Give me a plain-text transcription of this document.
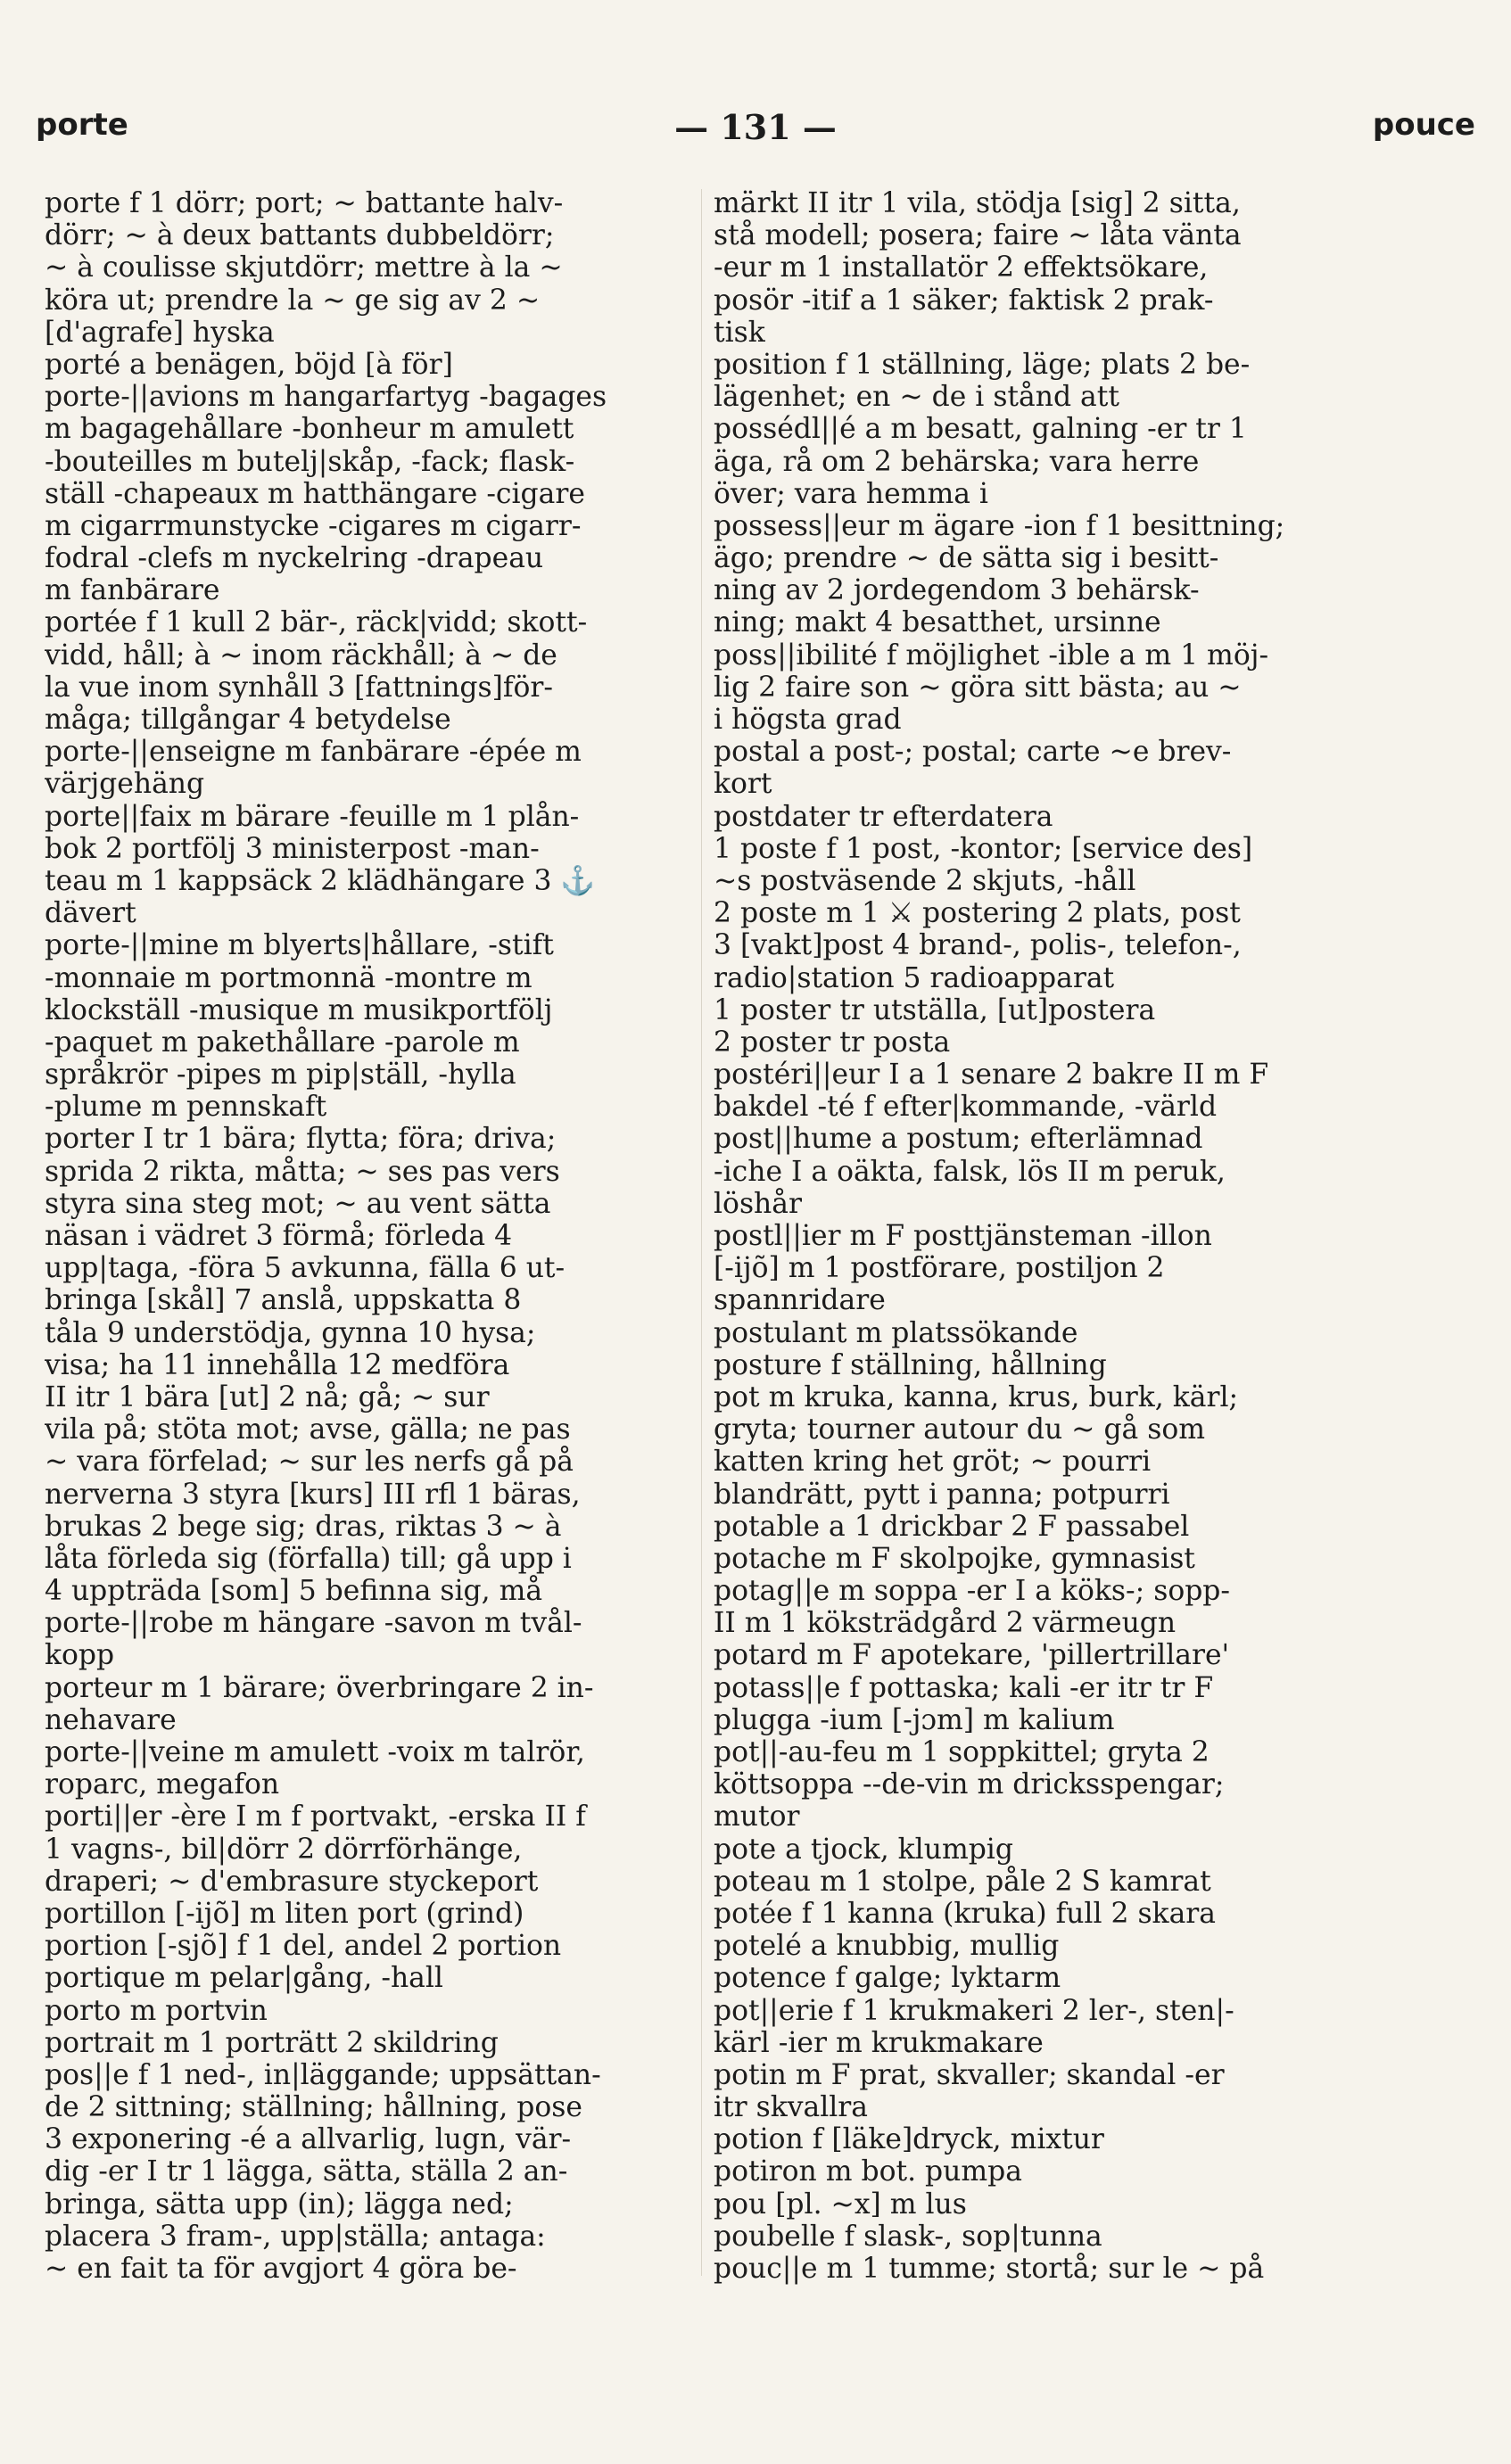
porte	— 131 —	pouce
porte f 1 dörr; port; ~ battante halv-
dörr; ~ à deux battants dubbeldörr;
~ à coulisse skjutdörr; mettre à la ~
köra ut; prendre la ~ ge sig av 2 ~
[d'agrafe] hyska
porté a benägen, böjd [à för]
porte-||avions m hangarfartyg -bagages
m bagagehållare -bonheur m amulett
-bouteilles m butelj|skåp, -fack; flask-
ställ -chapeaux m hatthängare -cigare
m cigarrmunstycke -cigares m cigarr-
fodral -clefs m nyckelring -drapeau
m fanbärare
portée f 1 kull 2 bär-, räck|vidd; skott-
vidd, håll; à ~ inom räckhåll; à ~ de
la vue inom synhåll 3 [fattnings]för-
måga; tillgångar 4 betydelse
porte-||enseigne m fanbärare -épée m
värjgehäng
porte||faix m bärare -feuille m 1 plån-
bok 2 portfölj 3 ministerpost -man-
teau m 1 kappsäck 2 klädhängare 3 ⚓
dävert
porte-||mine m blyerts|hållare, -stift
-monnaie m portmonnä -montre m
klockställ -musique m musikportfölj
-paquet m pakethållare -parole m
språkrör -pipes m pip|ställ, -hylla
-plume m pennskaft
porter I tr 1 bära; flytta; föra; driva;
sprida 2 rikta, måtta; ~ ses pas vers
styra sina steg mot; ~ au vent sätta
näsan i vädret 3 förmå; förleda 4
upp|taga, -föra 5 avkunna, fälla 6 ut-
bringa [skål] 7 anslå, uppskatta 8
tåla 9 understödja, gynna 10 hysa;
visa; ha 11 innehålla 12 medföra
II itr 1 bära [ut] 2 nå; gå; ~ sur
vila på; stöta mot; avse, gälla; ne pas
~ vara förfelad; ~ sur les nerfs gå på
nerverna 3 styra [kurs] III rfl 1 bäras,
brukas 2 bege sig; dras, riktas 3 ~ à
låta förleda sig (förfalla) till; gå upp i
4 uppträda [som] 5 befinna sig, må
porte-||robe m hängare -savon m tvål-
kopp
porteur m 1 bärare; överbringare 2 in-
nehavare
porte-||veine m amulett -voix m talrör,
roparc, megafon
porti||er -ère I m f portvakt, -erska II f
1 vagns-, bil|dörr 2 dörrförhänge,
draperi; ~ d'embrasure styckeport
portillon [-ijõ] m liten port (grind)
portion [-sjõ] f 1 del, andel 2 portion
portique m pelar|gång, -hall
porto m portvin
portrait m 1 porträtt 2 skildring
pos||e f 1 ned-, in|läggande; uppsättan-
de 2 sittning; ställning; hållning, pose
3 exponering -é a allvarlig, lugn, vär-
dig -er I tr 1 lägga, sätta, ställa 2 an-
bringa, sätta upp (in); lägga ned;
placera 3 fram-, upp|ställa; antaga:
~ en fait ta för avgjort 4 göra be-
märkt II itr 1 vila, stödja [sig] 2 sitta,
stå modell; posera; faire ~ låta vänta
-eur m 1 installatör 2 effektsökare,
posör -itif a 1 säker; faktisk 2 prak-
tisk
position f 1 ställning, läge; plats 2 be-
lägenhet; en ~ de i stånd att
possédl||é a m besatt, galning -er tr 1
äga, rå om 2 behärska; vara herre
över; vara hemma i
possess||eur m ägare -ion f 1 besittning;
ägo; prendre ~ de sätta sig i besitt-
ning av 2 jordegendom 3 behärsk-
ning; makt 4 besatthet, ursinne
poss||ibilité f möjlighet -ible a m 1 möj-
lig 2 faire son ~ göra sitt bästa; au ~
i högsta grad
postal a post-; postal; carte ~e brev-
kort
postdater tr efterdatera
1 poste f 1 post, -kontor; [service des]
~s postväsende 2 skjuts, -håll
2 poste m 1 ⚔ postering 2 plats, post
3 [vakt]post 4 brand-, polis-, telefon-,
radio|station 5 radioapparat
1 poster tr utställa, [ut]postera
2 poster tr posta
postéri||eur I a 1 senare 2 bakre II m F
bakdel -té f efter|kommande, -värld
post||hume a postum; efterlämnad
-iche I a oäkta, falsk, lös II m peruk,
löshår
postl||ier m F posttjänsteman -illon
[-ijõ] m 1 postförare, postiljon 2
spannridare
postulant m platssökande
posture f ställning, hållning
pot m kruka, kanna, krus, burk, kärl;
gryta; tourner autour du ~ gå som
katten kring het gröt; ~ pourri
blandrätt, pytt i panna; potpurri
potable a 1 drickbar 2 F passabel
potache m F skolpojke, gymnasist
potag||e m soppa -er I a köks-; sopp-
II m 1 köksträdgård 2 värmeugn
potard m F apotekare, 'pillertrillare'
potass||e f pottaska; kali -er itr tr F
plugga -ium [-jɔm] m kalium
pot||-au-feu m 1 soppkittel; gryta 2
köttsoppa --de-vin m dricksspengar;
mutor
pote a tjock, klumpig
poteau m 1 stolpe, påle 2 S kamrat
potée f 1 kanna (kruka) full 2 skara
potelé a knubbig, mullig
potence f galge; lyktarm
pot||erie f 1 krukmakeri 2 ler-, sten|-
kärl -ier m krukmakare
potin m F prat, skvaller; skandal -er
itr skvallra
potion f [läke]dryck, mixtur
potiron m bot. pumpa
pou [pl. ~x] m lus
poubelle f slask-, sop|tunna
pouc||e m 1 tumme; stortå; sur le ~ på
